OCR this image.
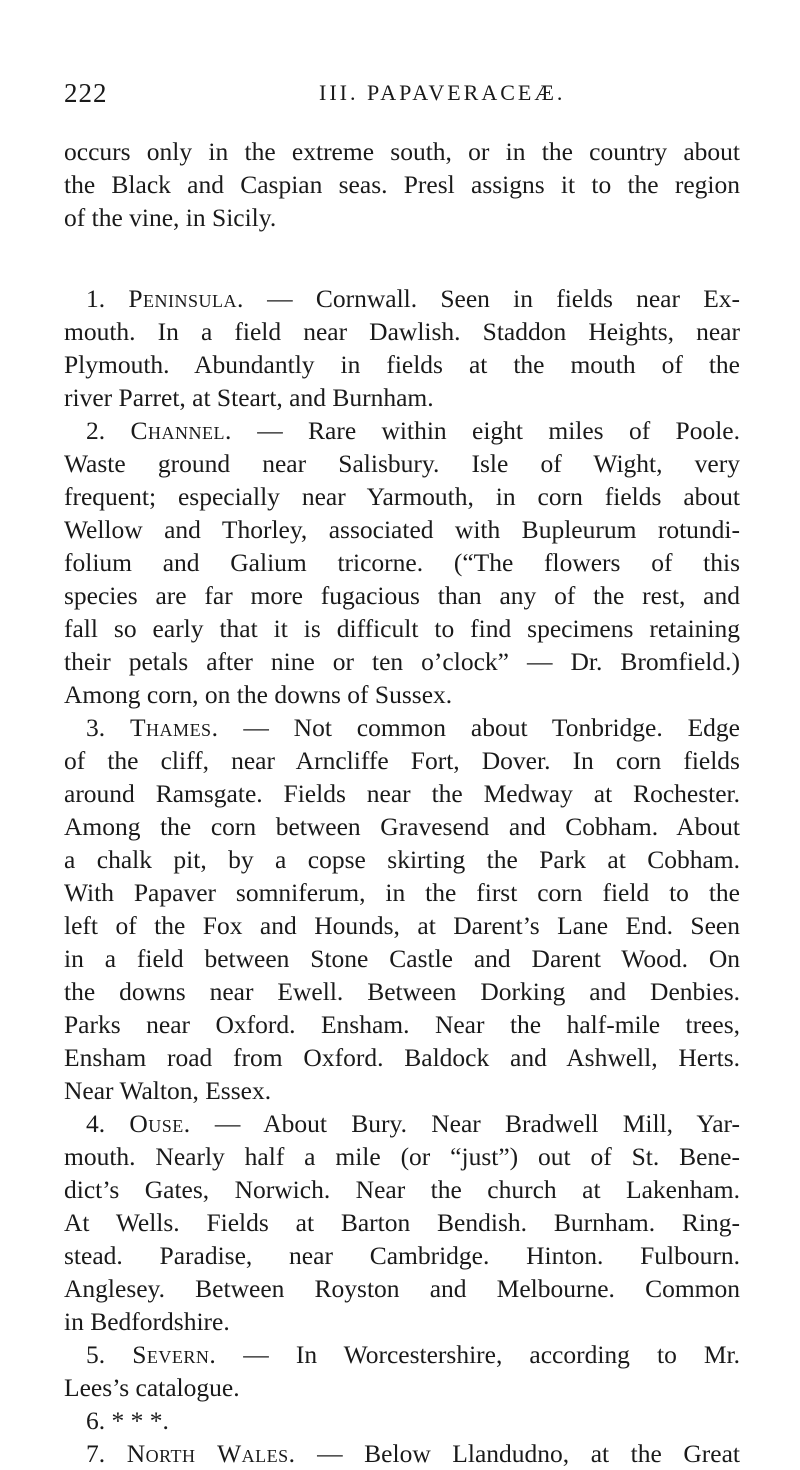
222	III. PAPAVERACEÆ.
occurs only in the extreme south, or in the country about
the Black and Caspian seas. Presl assigns it to the region
of the vine, in Sicily.
1. Peninsula. — Cornwall. Seen in fields near Ex-
mouth. In a field near Dawlish. Staddon Heights, near
Plymouth. Abundantly in fields at the mouth of the
river Parret, at Steart, and Burnham.
2. Channel. — Rare within eight miles of Poole.
Waste ground near Salisbury. Isle of Wight, very
frequent; especially near Yarmouth, in corn fields about
Wellow and Thorley, associated with Bupleurum rotundi-
folium and Galium tricorne. (“The flowers of this
species are far more fugacious than any of the rest, and
fall so early that it is difficult to find specimens retaining
their petals after nine or ten o’clock” — Dr. Bromfield.)
Among corn, on the downs of Sussex.
3. Thames. — Not common about Tonbridge. Edge
of the cliff, near Arncliffe Fort, Dover. In corn fields
around Ramsgate. Fields near the Medway at Rochester.
Among the corn between Gravesend and Cobham. About
a chalk pit, by a copse skirting the Park at Cobham.
With Papaver somniferum, in the first corn field to the
left of the Fox and Hounds, at Darent’s Lane End. Seen
in a field between Stone Castle and Darent Wood. On
the downs near Ewell. Between Dorking and Denbies.
Parks near Oxford. Ensham. Near the half-mile trees,
Ensham road from Oxford. Baldock and Ashwell, Herts.
Near Walton, Essex.
4. Ouse. — About Bury. Near Bradwell Mill, Yar-
mouth. Nearly half a mile (or “just”) out of St. Bene-
dict’s Gates, Norwich. Near the church at Lakenham.
At Wells. Fields at Barton Bendish. Burnham. Ring-
stead. Paradise, near Cambridge. Hinton. Fulbourn.
Anglesey. Between Royston and Melbourne. Common
in Bedfordshire.
5. Severn. — In Worcestershire, according to Mr.
Lees’s catalogue.
6. * * *.
7. North Wales. — Below Llandudno, at the Great
